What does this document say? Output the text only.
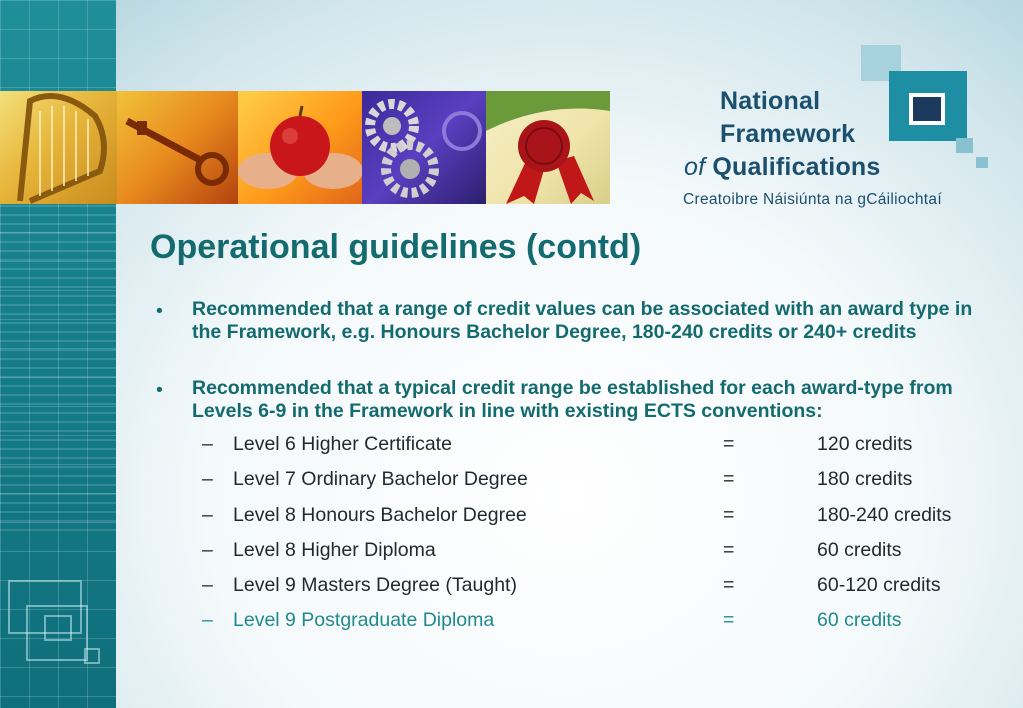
National
Framework
of Qualifications
Creatoibre Náisiúnta na gCáiliochtaí
Operational guidelines (contd)
• Recommended that a range of credit values can be associated with an award type in the Framework, e.g. Honours Bachelor Degree, 180-240 credits or 240+ credits
• Recommended that a typical credit range be established for each award-type from Levels 6-9 in the Framework in line with existing ECTS conventions:
– Level 6 Higher Certificate	=	120 credits
– Level 7 Ordinary Bachelor Degree	=	180 credits
– Level 8 Honours Bachelor Degree	=	180-240 credits
– Level 8 Higher Diploma	=	60 credits
– Level 9 Masters Degree (Taught)	=	60-120 credits
– Level 9 Postgraduate Diploma	=	60 credits
